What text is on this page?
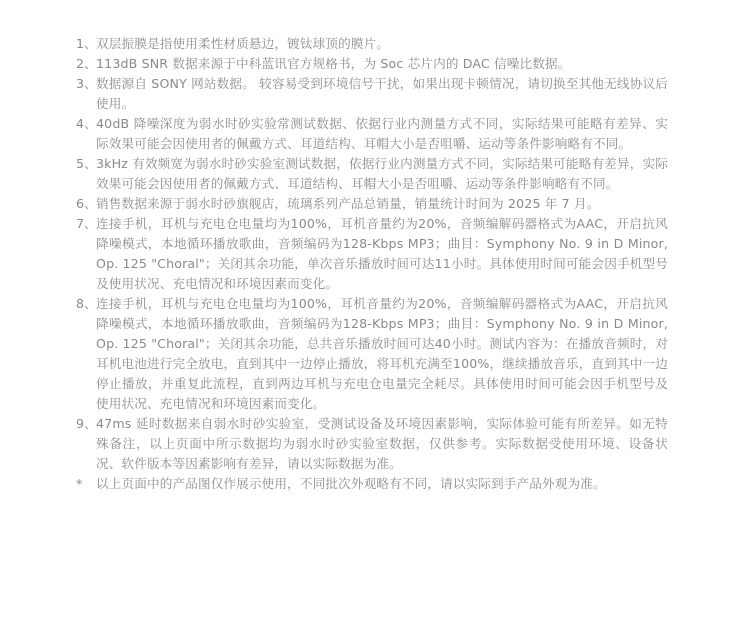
1、 双层振膜是指使用柔性材质悬边，镀钛球顶的膜片。
2、 113dB SNR 数据来源于中科蓝讯官方规格书，为 Soc 芯片内的 DAC 信噪比数据。
3、 数据源自 SONY 网站数据。 较容易受到环境信号干扰，如果出现卡顿情况，请切换至其他无线协议后使用。
4、 40dB 降噪深度为弱水时砂实验常测试数据、依据行业内测量方式不同，实际结果可能略有差异、实际效果可能会因使用者的佩戴方式、耳道结构、耳帽大小是否咀嚼、运动等条件影响略有不同。
5、 3kHz 有效频宽为弱水时砂实验室测试数据，依据行业内测量方式不同，实际结果可能略有差异，实际效果可能会因使用者的佩戴方式、耳道结构、耳帽大小是否咀嚼、运动等条件影响略有不同。
6、 销售数据来源于弱水时砂旗舰店，琉璃系列产品总销量，销量统计时间为 2025 年 7 月。
7、 连接手机，耳机与充电仓电量均为100%，耳机音量约为20%，音频编解码器格式为AAC，开启抗风降噪模式，本地循环播放歌曲，音频编码为128-Kbps MP3；曲目：Symphony No. 9 in D Minor, Op. 125 "Choral"；关闭其余功能，单次音乐播放时间可达11小时。具体使用时间可能会因手机型号及使用状况、充电情况和环境因素而变化。
8、 连接手机，耳机与充电仓电量均为100%，耳机音量约为20%，音频编解码器格式为AAC，开启抗风降噪模式，本地循环播放歌曲，音频编码为128-Kbps MP3；曲目：Symphony No. 9 in D Minor, Op. 125 "Choral"；关闭其余功能，总共音乐播放时间可达40小时。测试内容为：在播放音频时，对耳机电池进行完全放电，直到其中一边停止播放，将耳机充满至100%，继续播放音乐，直到其中一边停止播放，并重复此流程，直到两边耳机与充电仓电量完全耗尽。具体使用时间可能会因手机型号及使用状况、充电情况和环境因素而变化。
9、 47ms 延时数据来自弱水时砂实验室，受测试设备及环境因素影响，实际体验可能有所差异。如无特殊备注，以上页面中所示数据均为弱水时砂实验室数据，仅供参考。实际数据受使用环境、设备状况、软件版本等因素影响有差异，请以实际数据为准。
*	以上页面中的产品图仅作展示使用，不同批次外观略有不同，请以实际到手产品外观为准。
